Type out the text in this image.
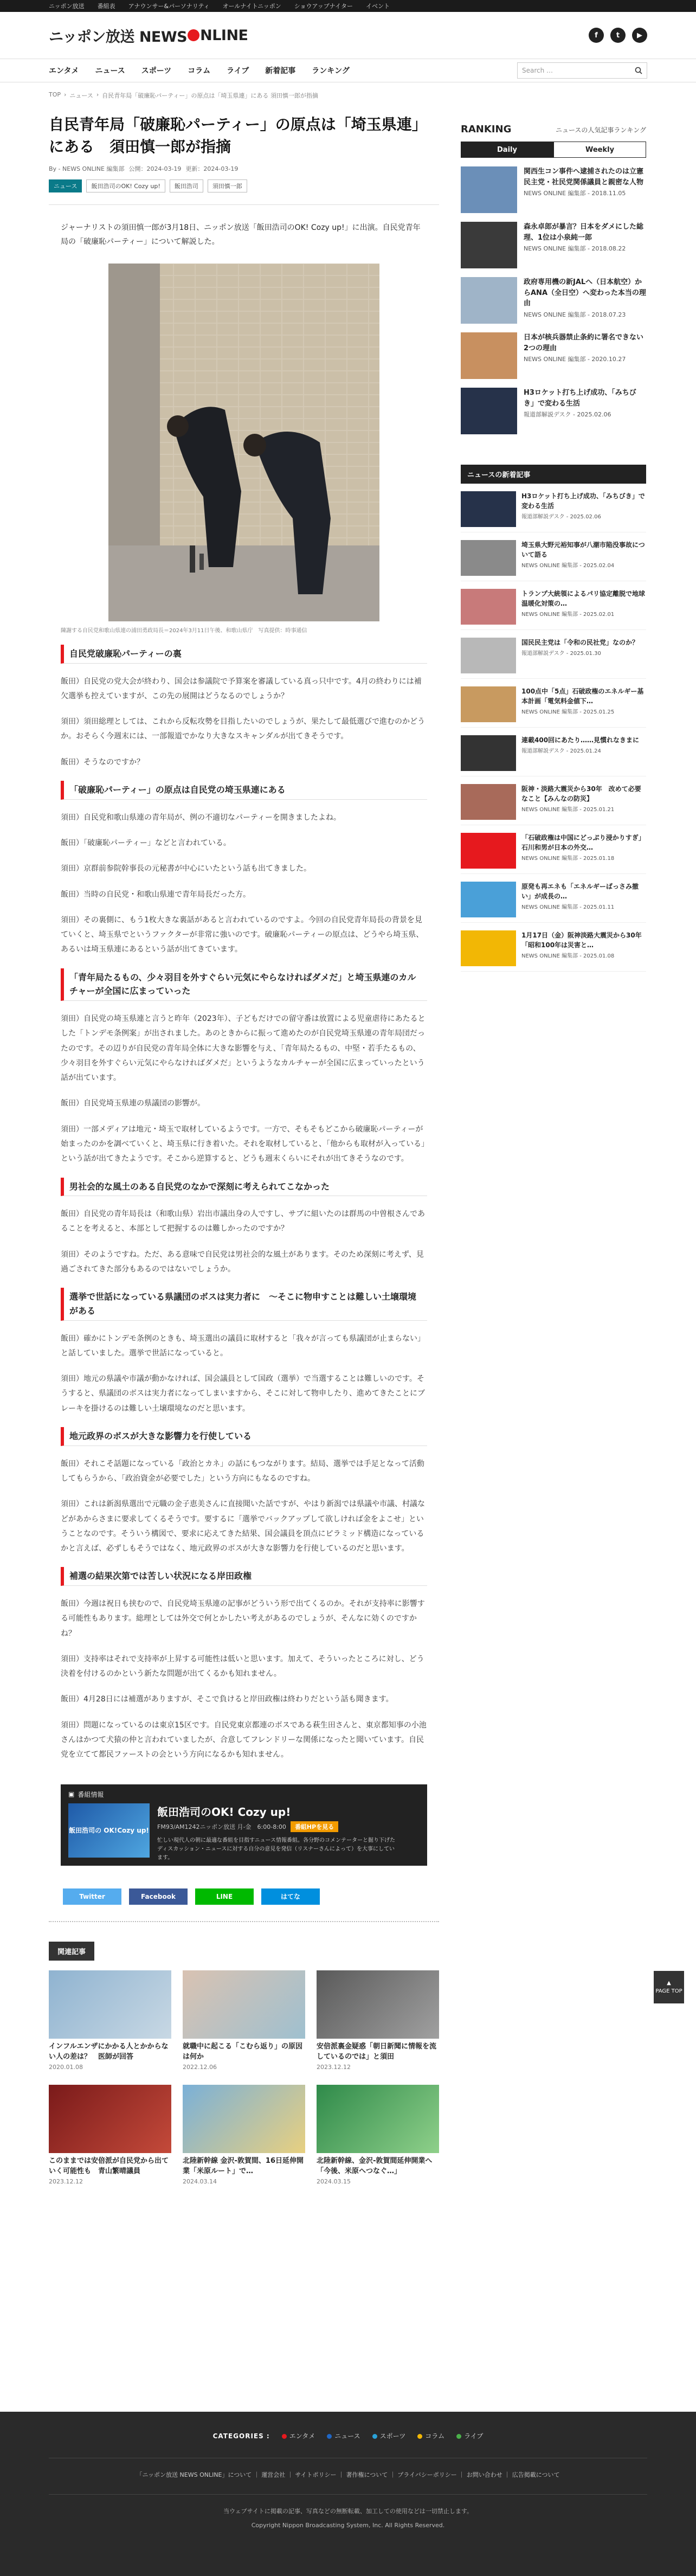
ニッポン放送 番組表 アナウンサー&パーソナリティ オールナイトニッポン ショウアップナイター イベント
ニッポン放送 NEWS NLINE	f	t	▶
エンタメ ニュース スポーツ コラム ライブ 新着記事 ランキング	Search …
TOP › ニュース › 自民青年局「破廉恥パーティー」の原点は「埼玉県連」にある 須田慎一郎が指摘
自民青年局「破廉恥パーティー」の原点は「埼玉県連」にある　須田慎一郎が指摘
By - NEWS ONLINE 編集部 公開：2024-03-19 更新：2024-03-19
ニュース	飯田浩司のOK! Cozy up!	飯田浩司	須田慎一郎

ジャーナリストの須田慎一郎が3月18日、ニッポン放送「飯田浩司のOK! Cozy up!」に出演。自民党青年局の「破廉恥パーティー」について解説した。

陳謝する自民党和歌山県連の浦田勇政局長＝2024年3月11日午後、和歌山県庁　写真提供：時事通信

自民党破廉恥パーティーの裏

飯田）自民党の党大会が終わり、国会は参議院で予算案を審議している真っ只中です。4月の終わりには補欠選挙も控えていますが、この先の展開はどうなるのでしょうか？

須田）須田総理としては、これから反転攻勢を目指したいのでしょうが、果たして最低選びで進むのかどうか。おそらく今週末には、一部報道でかなり大きなスキャンダルが出てきそうです。

飯田）そうなのですか？

「破廉恥パーティー」の原点は自民党の埼玉県連にある

須田）自民党和歌山県連の青年局が、例の不適切なパーティーを開きましたよね。

飯田）「破廉恥パーティー」などと言われている。

須田）京群前参院幹事長の元秘書が中心にいたという話も出てきました。

飯田）当時の自民党・和歌山県連で青年局長だった方。

須田）その裏側に、もう1枚大きな裏話があると言われているのですよ。今回の自民党青年局長の背景を見ていくと、埼玉県でというファクターが非常に強いのです。破廉恥パーティーの原点は、どうやら埼玉県、あるいは埼玉県連にあるという話が出てきています。

「青年局たるもの、少々羽目を外すぐらい元気にやらなければダメだ」と埼玉県連のカルチャーが全国に広まっていった

須田）自民党の埼玉県連と言うと昨年（2023年）、子どもだけでの留守番は放置による児童虐待にあたるとした「トンデモ条例案」が出されました。あのときからに振って進めたのが自民党埼玉県連の青年局団だったのです。その辺りが自民党の青年局全体に大きな影響を与え、「青年局たるもの、中堅・若手たるもの、少々羽目を外すぐらい元気にやらなければダメだ」というようなカルチャーが全国に広まっていったという話が出ています。

飯田）自民党埼玉県連の県議団の影響が。

須田）一部メディアは地元・埼玉で取材しているようです。一方で、そもそもどこから破廉恥パーティーが始まったのかを調べていくと、埼玉県に行き着いた。それを取材していると、「他からも取材が入っている」という話が出てきたようです。そこから逆算すると、どうも週末くらいにそれが出てきそうなのです。

男社会的な風土のある自民党のなかで深刻に考えられてこなかった

飯田）自民党の青年局長は（和歌山県）岩出市議出身の人ですし、サブに組いたのは群馬の中曽根さんであることを考えると、本部として把握するのは難しかったのですか？

須田）そのようですね。ただ、ある意味で自民党は男社会的な風土があります。そのため深刻に考えず、見過ごされてきた部分もあるのではないでしょうか。

選挙で世話になっている県議団のボスは実力者に　～そこに物申すことは難しい土壌環境がある

飯田）確かにトンデモ条例のときも、埼玉選出の議員に取材すると「我々が言っても県議団が止まらない」と話していました。選挙で世話になっていると。

須田）地元の県議や市議が動かなければ、国会議員として国政（選挙）で当選することは難しいのです。そうすると、県議団のボスは実力者になってしまいますから、そこに対して物申したり、進めてきたことにブレーキを掛けるのは難しい土壌環境なのだと思います。

地元政界のボスが大きな影響力を行使している

飯田）それこそ話題になっている「政治とカネ」の話にもつながります。結局、選挙では手足となって活動してもらうから、「政治資金が必要でした」という方向にもなるのですね。

須田）これは新潟県選出で元職の金子恵美さんに直接聞いた話ですが、やはり新潟では県議や市議、村議などがあからさまに要求してくるそうです。要するに「選挙でバックアップして欲しければ金をよこせ」ということなのです。そういう構図で、要求に応えてきた結果、国会議員を頂点にピラミッド構造になっているかと言えば、必ずしもそうではなく、地元政界のボスが大きな影響力を行使しているのだと思います。

補選の結果次第では苦しい状況になる岸田政権

飯田）今週は祝日も挟むので、自民党埼玉県連の記事がどういう形で出てくるのか。それが支持率に影響する可能性もあります。総理としては外交で何とかしたい考えがあるのでしょうが、そんなに効くのですかね？

須田）支持率はそれで支持率が上昇する可能性は低いと思います。加えて、そういったところに対し、どう決着を付けるのかという新たな問題が出てくるかも知れません。

飯田）4月28日には補選がありますが、そこで負けると岸田政権は終わりだという話も聞きます。

須田）問題になっているのは東京15区です。自民党東京都連のボスである萩生田さんと、東京都知事の小池さんはかつて犬猿の仲と言われていましたが、合意してフレンドリーな関係になったと聞いています。自民党を立てて都民ファーストの会という方向になるかも知れません。

▣ 番組情報
飯田浩司の OK!Cozy up!
飯田浩司のOK! Cozy up!
FM93/AM1242ニッポン放送 月-金　6:00-8:00	番組HPを見る
忙しい現代人の朝に最適な番組を目指すニュース情報番組。各分野のコメンテーターと掘り下げたディスカッション・ニュースに対する自分の意見を発信（リスナーさんによって）を大事にしています。
Twitter	Facebook	LINE	はてな
関連記事
インフルエンザにかかる人とかからない人の差は？　医師が回答
2020.01.08
就職中に起こる「こむら返り」の原因は何か
2022.12.06
安倍派裏金疑惑「朝日新聞に情報を流しているのでは」と須田
2023.12.12
このままでは安倍派が自民党から出ていく可能性も　青山繁晴議員
2023.12.12
北陸新幹線 金沢-敦賀間、16日延伸開業「米原ルート」で…
2024.03.14
北陸新幹線、金沢-敦賀間延伸開業へ「今後、米原へつなぐ…」
2024.03.15
RANKING	ニュースの人気記事ランキング
Daily	Weekly
関西生コン事件へ逮捕されたのは立憲民主党・社民党関係議員と親密な人物
NEWS ONLINE 編集部 - 2018.11.05
森永卓郎が暴言？日本をダメにした総理、1位は小泉純一郎
NEWS ONLINE 編集部 - 2018.08.22
政府専用機の新JALへ（日本航空）からANA（全日空）へ変わった本当の理由
NEWS ONLINE 編集部 - 2018.07.23
日本が核兵器禁止条約に署名できない2つの理由
NEWS ONLINE 編集部 - 2020.10.27
H3ロケット打ち上げ成功、「みちびき」で変わる生活
報道部解説デスク - 2025.02.06
ニュースの新着記事
H3ロケット打ち上げ成功、「みちびき」で変わる生活
報道部解説デスク - 2025.02.06
埼玉県大野元裕知事が八潮市陥没事故について語る
NEWS ONLINE 編集部 - 2025.02.04
トランプ大統領によるパリ協定離脱で地球温暖化対策の…
NEWS ONLINE 編集部 - 2025.02.01
国民民主党は「令和の民社党」なのか？
報道部解説デスク - 2025.01.30
100点中「5点」石破政権のエネルギー基本計画「電気料金値下…
NEWS ONLINE 編集部 - 2025.01.25
連載400回にあたり……見慣れなきまに
報道部解説デスク - 2025.01.24
阪神・淡路大震災から30年　改めて必要なこと【みんなの防災】
NEWS ONLINE 編集部 - 2025.01.21
「石破政権は中国にどっぷり浸かりすぎ」石川和男が日本の外交…
NEWS ONLINE 編集部 - 2025.01.18
原発も再エネも「エネルギーばっさみ撤い」が成長の…
NEWS ONLINE 編集部 - 2025.01.11
1月17日（金）阪神淡路大震災から30年「昭和100年は災害と…
NEWS ONLINE 編集部 - 2025.01.08
▲
PAGE TOP
CATEGORIES :	エンタメ	ニュース	スポーツ	コラム	ライブ
「ニッポン放送 NEWS ONLINE」について ｜ 運営会社 ｜ サイトポリシー ｜ 著作権について ｜ プライバシーポリシー ｜ お問い合わせ ｜ 広告掲載について
当ウェブサイトに掲載の記事、写真などの無断転載、加工しての使用などは一切禁止します。
Copyright Nippon Broadcasting System, Inc. All Rights Reserved.
